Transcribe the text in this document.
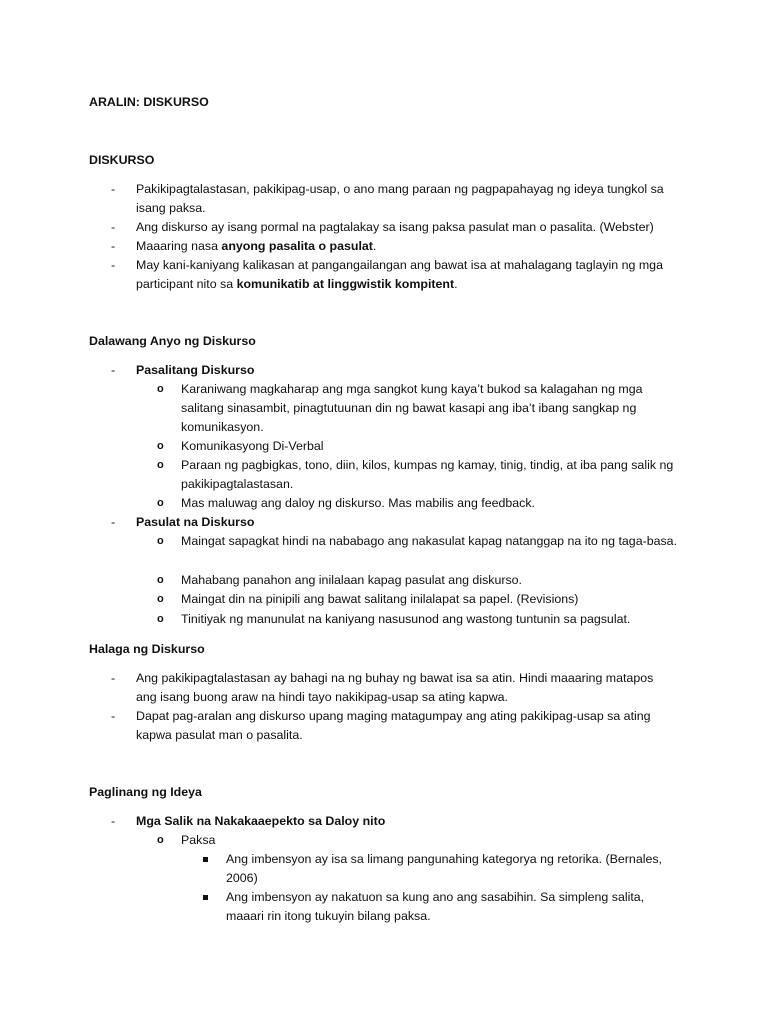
ARALIN: DISKURSO
DISKURSO
- Pakikipagtalastasan, pakikipag-usap, o ano mang paraan ng pagpapahayag ng ideya tungkol sa isang paksa.
- Ang diskurso ay isang pormal na pagtalakay sa isang paksa pasulat man o pasalita. (Webster)
- Maaaring nasa anyong pasalita o pasulat.
- May kani-kaniyang kalikasan at pangangailangan ang bawat isa at mahalagang taglayin ng mga participant nito sa komunikatib at linggwistik kompitent.
Dalawang Anyo ng Diskurso
- Pasalitang Diskurso
o Karaniwang magkaharap ang mga sangkot kung kaya’t bukod sa kalagahan ng mga salitang sinasambit, pinagtutuunan din ng bawat kasapi ang iba’t ibang sangkap ng komunikasyon.
o Komunikasyong Di-Verbal
o Paraan ng pagbigkas, tono, diin, kilos, kumpas ng kamay, tinig, tindig, at iba pang salik ng pakikipagtalastasan.
o Mas maluwag ang daloy ng diskurso. Mas mabilis ang feedback.
- Pasulat na Diskurso
o Maingat sapagkat hindi na nababago ang nakasulat kapag natanggap na ito ng taga-basa.
o Mahabang panahon ang inilalaan kapag pasulat ang diskurso.
o Maingat din na pinipili ang bawat salitang inilalapat sa papel. (Revisions)
o Tinitiyak ng manunulat na kaniyang nasusunod ang wastong tuntunin sa pagsulat.
Halaga ng Diskurso
- Ang pakikipagtalastasan ay bahagi na ng buhay ng bawat isa sa atin. Hindi maaaring matapos ang isang buong araw na hindi tayo nakikipag-usap sa ating kapwa.
- Dapat pag-aralan ang diskurso upang maging matagumpay ang ating pakikipag-usap sa ating kapwa pasulat man o pasalita.
Paglinang ng Ideya
- Mga Salik na Nakakaaepekto sa Daloy nito
o Paksa
Ang imbensyon ay isa sa limang pangunahing kategorya ng retorika. (Bernales, 2006)
Ang imbensyon ay nakatuon sa kung ano ang sasabihin. Sa simpleng salita, maaari rin itong tukuyin bilang paksa.
